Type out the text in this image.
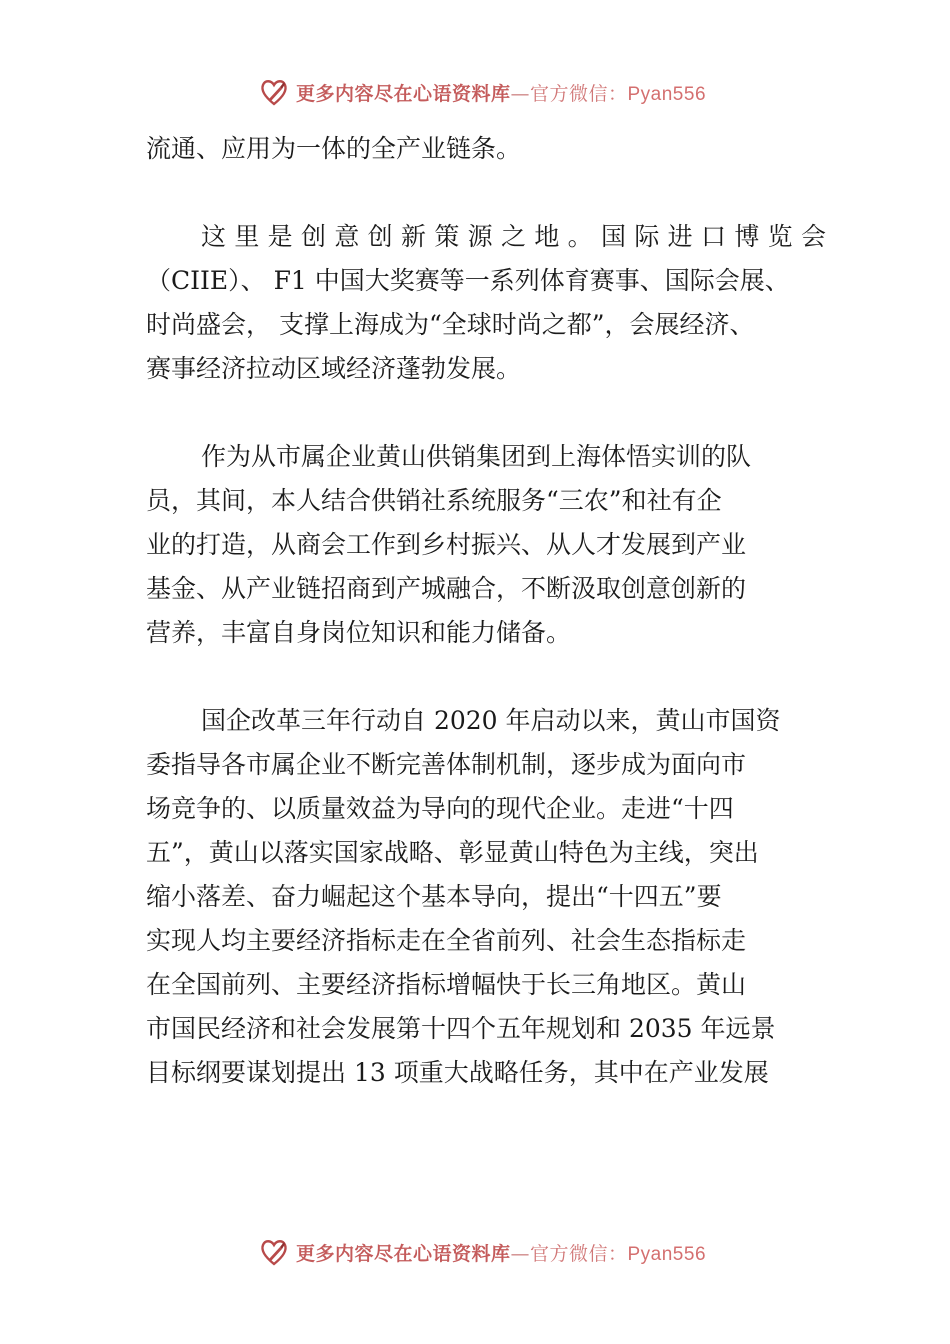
更多内容尽在心语资料库—官方微信：Pyan556
流通、应用为一体的全产业链条。
这里是创意创新策源之地。国际进口博览会
（CIIE）、 F1 中国大奖赛等一系列体育赛事、国际会展、
时尚盛会， 支撑上海成为“全球时尚之都”，会展经济、
赛事经济拉动区域经济蓬勃发展。
作为从市属企业黄山供销集团到上海体悟实训的队
员，其间，本人结合供销社系统服务“三农”和社有企
业的打造，从商会工作到乡村振兴、从人才发展到产业
基金、从产业链招商到产城融合，不断汲取创意创新的
营养，丰富自身岗位知识和能力储备。
国企改革三年行动自 2020 年启动以来，黄山市国资
委指导各市属企业不断完善体制机制，逐步成为面向市
场竞争的、以质量效益为导向的现代企业。走进“十四
五”，黄山以落实国家战略、彰显黄山特色为主线，突出
缩小落差、奋力崛起这个基本导向，提出“十四五”要
实现人均主要经济指标走在全省前列、社会生态指标走
在全国前列、主要经济指标增幅快于长三角地区。黄山
市国民经济和社会发展第十四个五年规划和 2035 年远景
目标纲要谋划提出 13 项重大战略任务，其中在产业发展
更多内容尽在心语资料库—官方微信：Pyan556
